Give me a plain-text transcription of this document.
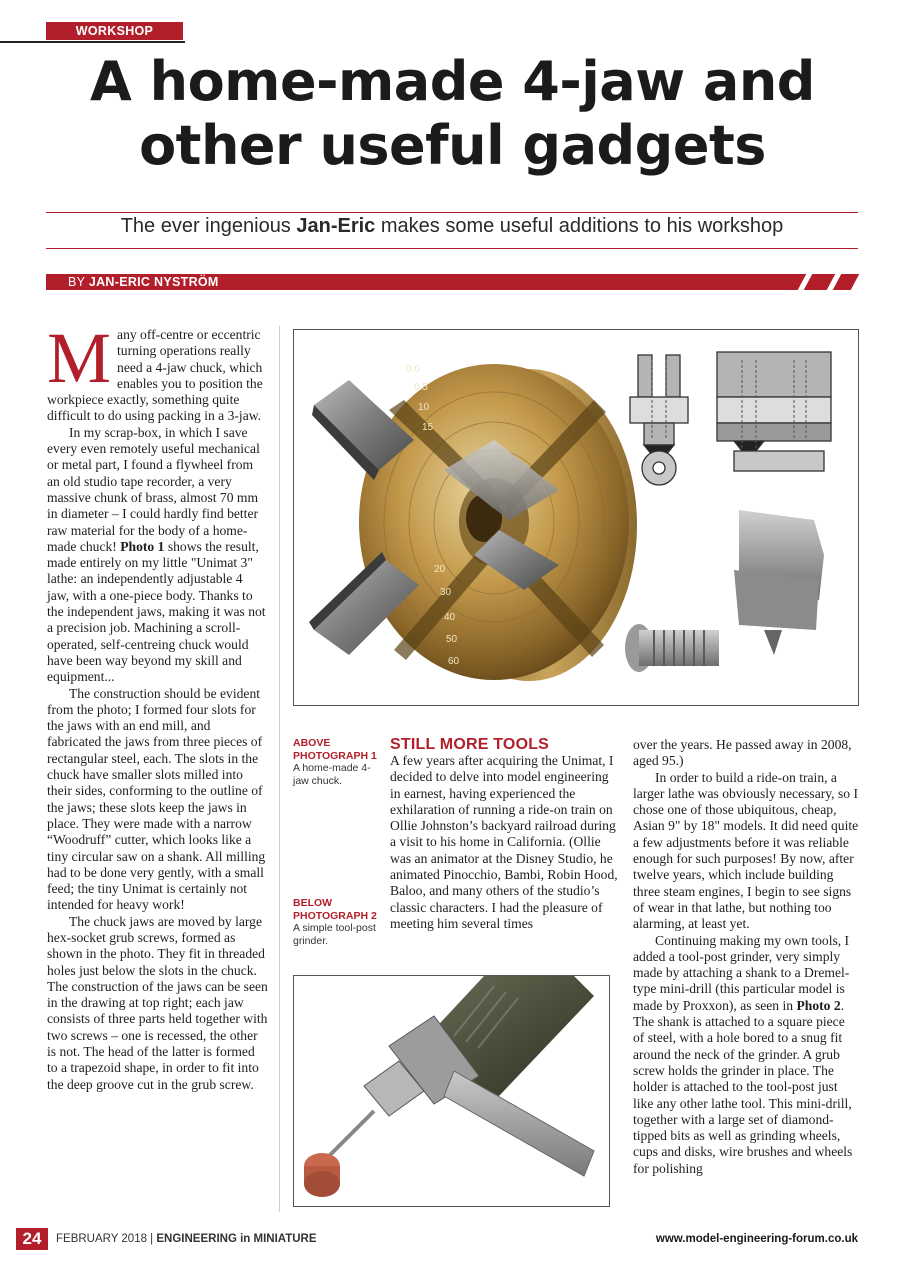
WORKSHOP
A home-made 4-jaw and
other useful gadgets
The ever ingenious Jan-Eric makes some useful additions to his workshop
BY JAN-ERIC NYSTRÖM

Many off-centre or eccentric turning operations really need a 4-jaw chuck, which enables you to position the workpiece exactly, something quite difficult to do using packing in a 3-jaw.

In my scrap-box, in which I save every even remotely useful mechanical or metal part, I found a flywheel from an old studio tape recorder, a very massive chunk of brass, almost 70 mm in diameter – I could hardly find better raw material for the body of a home-made chuck! Photo 1 shows the result, made entirely on my little "Unimat 3" lathe: an independently adjustable 4 jaw, with a one-piece body. Thanks to the independent jaws, making it was not a precision job. Machining a scroll-operated, self-centreing chuck would have been way beyond my skill and equipment...

The construction should be evident from the photo; I formed four slots for the jaws with an end mill, and fabricated the jaws from three pieces of rectangular steel, each. The slots in the chuck have smaller slots milled into their sides, conforming to the outline of the jaws; these slots keep the jaws in place. They were made with a narrow “Woodruff” cutter, which looks like a tiny circular saw on a shank. All milling had to be done very gently, with a small feed; the tiny Unimat is certainly not intended for heavy work!

The chuck jaws are moved by large hex-socket grub screws, formed as shown in the photo. They fit in threaded holes just below the slots in the chuck. The construction of the jaws can be seen in the drawing at top right; each jaw consists of three parts held together with two screws – one is recessed, the other is not. The head of the latter is formed to a trapezoid shape, in order to fit into the deep groove cut in the grub screw.

0.0
0.5
10
15
20
30
40
50
60
ABOVE
PHOTOGRAPH 1
A home-made 4-jaw chuck.
BELOW
PHOTOGRAPH 2
A simple tool-post grinder.
STILL MORE TOOLS

A few years after acquiring the Unimat, I decided to delve into model engineering in earnest, having experienced the exhilaration of running a ride-on train on Ollie Johnston’s backyard railroad during a visit to his home in California. (Ollie was an animator at the Disney Studio, he animated Pinocchio, Bambi, Robin Hood, Baloo, and many others of the studio’s classic characters. I had the pleasure of meeting him several times

over the years. He passed away in 2008, aged 95.)

In order to build a ride-on train, a larger lathe was obviously necessary, so I chose one of those ubiquitous, cheap, Asian 9" by 18" models. It did need quite a few adjustments before it was reliable enough for such purposes! By now, after twelve years, which include building three steam engines, I begin to see signs of wear in that lathe, but nothing too alarming, at least yet.

Continuing making my own tools, I added a tool-post grinder, very simply made by attaching a shank to a Dremel-type mini-drill (this particular model is made by Proxxon), as seen in Photo 2. The shank is attached to a square piece of steel, with a hole bored to a snug fit around the neck of the grinder. A grub screw holds the grinder in place. The holder is attached to the tool-post just like any other lathe tool. This mini-drill, together with a large set of diamond-tipped bits as well as grinding wheels, cups and disks, wire brushes and wheels for polishing

24	FEBRUARY 2018 | ENGINEERING in MINIATURE	www.model-engineering-forum.co.uk
